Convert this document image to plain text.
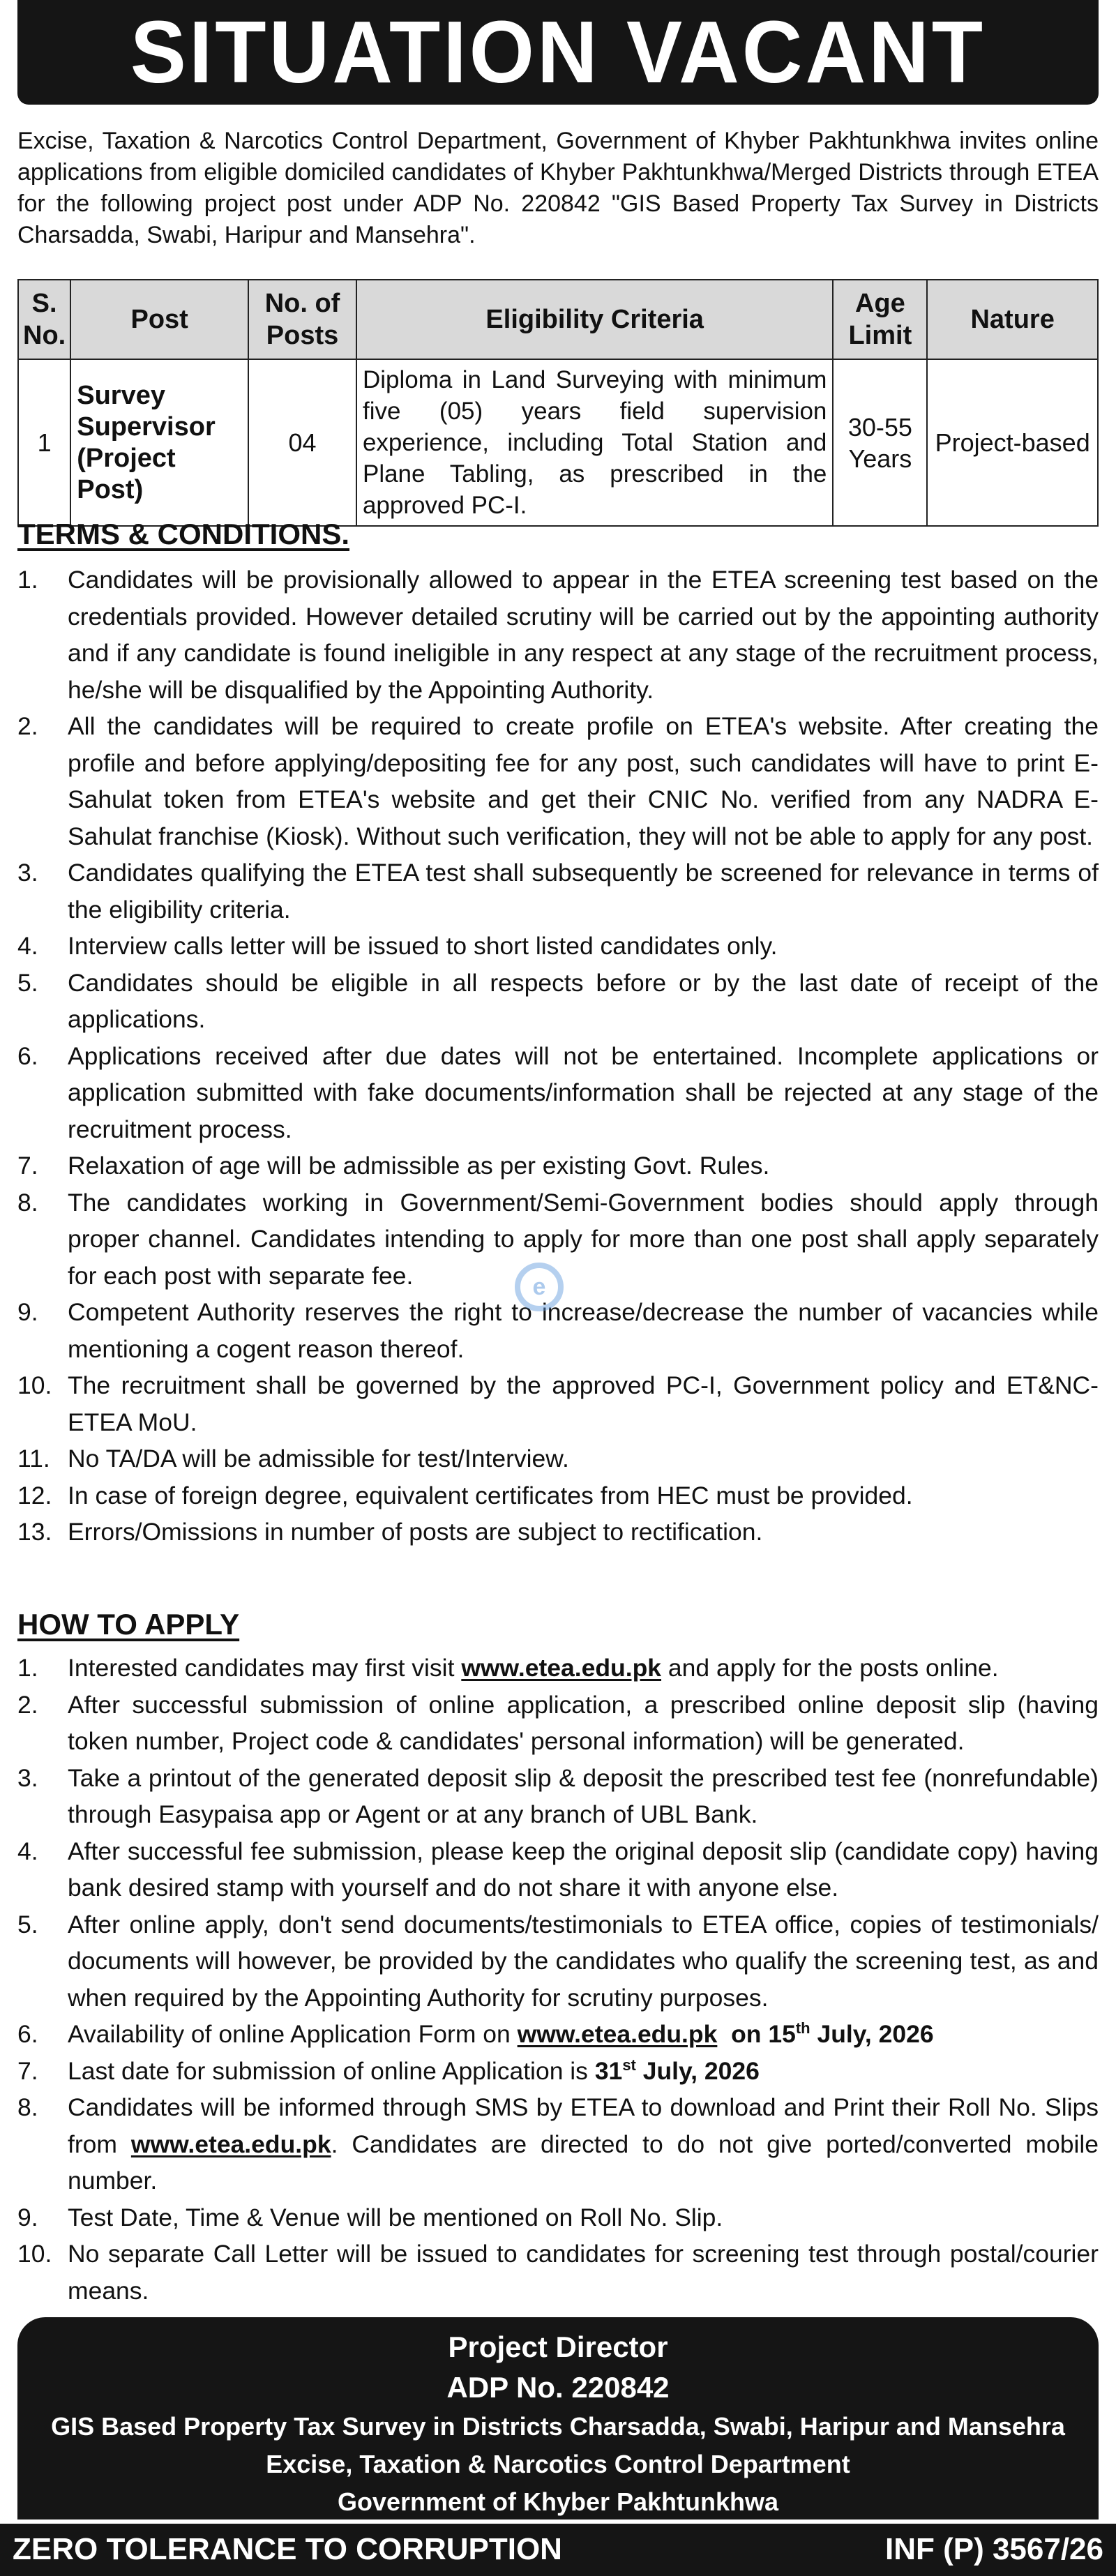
SITUATION VACANT
Excise, Taxation & Narcotics Control Department, Government of Khyber Pakhtunkhwa invites online applications from eligible domiciled candidates of Khyber Pakhtunkhwa/Merged Districts through ETEA for the following project post under ADP No. 220842 "GIS Based Property Tax Survey in Districts Charsadda, Swabi, Haripur and Mansehra".
S. No.	Post	No. of Posts	Eligibility Criteria	Age Limit	Nature
1	Survey Supervisor (Project Post)	04	Diploma in Land Surveying with minimum five (05) years field supervision experience, including Total Station and Plane Tabling, as prescribed in the approved PC-I.	30-55 Years	Project-based
TERMS & CONDITIONS.
1.	Candidates will be provisionally allowed to appear in the ETEA screening test based on the credentials provided. However detailed scrutiny will be carried out by the appointing authority and if any candidate is found ineligible in any respect at any stage of the recruitment process, he/she will be disqualified by the Appointing Authority.
2.	All the candidates will be required to create profile on ETEA's website. After creating the profile and before applying/depositing fee for any post, such candidates will have to print E-Sahulat token from ETEA's website and get their CNIC No. verified from any NADRA E-Sahulat franchise (Kiosk). Without such verification, they will not be able to apply for any post.
3.	Candidates qualifying the ETEA test shall subsequently be screened for relevance in terms of the eligibility criteria.
4.	Interview calls letter will be issued to short listed candidates only.
5.	Candidates should be eligible in all respects before or by the last date of receipt of the applications.
6.	Applications received after due dates will not be entertained. Incomplete applications or application submitted with fake documents/information shall be rejected at any stage of the recruitment process.
7.	Relaxation of age will be admissible as per existing Govt. Rules.
8.	The candidates working in Government/Semi-Government bodies should apply through proper channel. Candidates intending to apply for more than one post shall apply separately for each post with separate fee.
9.	Competent Authority reserves the right to increase/decrease the number of vacancies while mentioning a cogent reason thereof.
10. The recruitment shall be governed by the approved PC-I, Government policy and ET&NC-ETEA MoU.
11. No TA/DA will be admissible for test/Interview.
12. In case of foreign degree, equivalent certificates from HEC must be provided.
13. Errors/Omissions in number of posts are subject to rectification.
e
HOW TO APPLY
1.	Interested candidates may first visit www.etea.edu.pk and apply for the posts online.
2.	After successful submission of online application, a prescribed online deposit slip (having token number, Project code & candidates' personal information) will be generated.
3.	Take a printout of the generated deposit slip & deposit the prescribed test fee (nonrefundable) through Easypaisa app or Agent or at any branch of UBL Bank.
4.	After successful fee submission, please keep the original deposit slip (candidate copy) having bank desired stamp with yourself and do not share it with anyone else.
5.	After online apply, don't send documents/testimonials to ETEA office, copies of testimonials/ documents will however, be provided by the candidates who qualify the screening test, as and when required by the Appointing Authority for scrutiny purposes.
6.	Availability of online Application Form on www.etea.edu.pk on 15th July, 2026
7.	Last date for submission of online Application is 31st July, 2026
8.	Candidates will be informed through SMS by ETEA to download and Print their Roll No. Slips from www.etea.edu.pk. Candidates are directed to do not give ported/converted mobile number.
9.	Test Date, Time & Venue will be mentioned on Roll No. Slip.
10. No separate Call Letter will be issued to candidates for screening test through postal/courier means.
Project Director
ADP No. 220842
GIS Based Property Tax Survey in Districts Charsadda, Swabi, Haripur and Mansehra
Excise, Taxation & Narcotics Control Department
Government of Khyber Pakhtunkhwa
ZERO TOLERANCE TO CORRUPTION	INF (P) 3567/26
